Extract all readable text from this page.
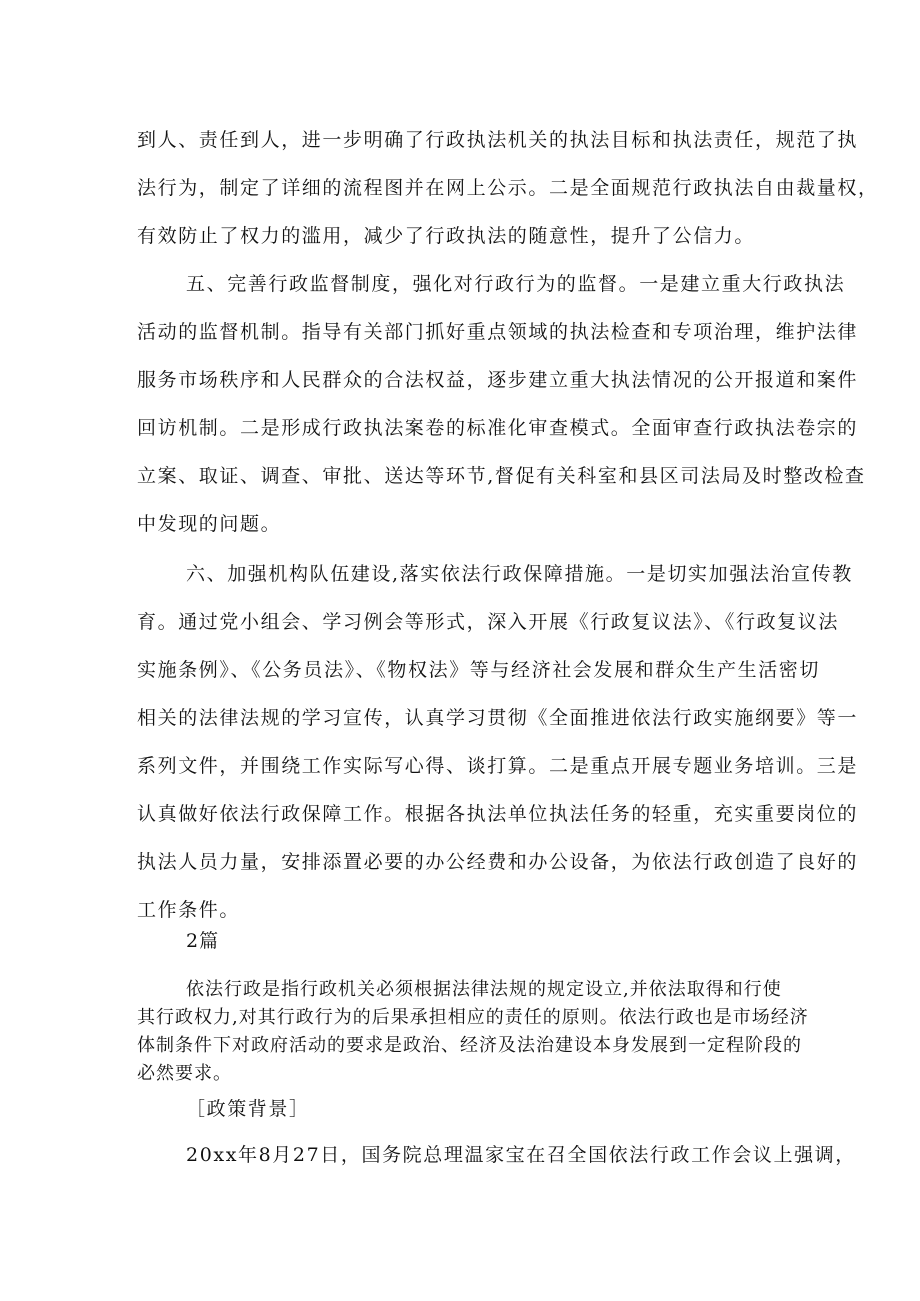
到人、责任到人，进一步明确了行政执法机关的执法目标和执法责任，规范了执

法行为，制定了详细的流程图并在网上公示。二是全面规范行政执法自由裁量权，

有效防止了权力的滥用，减少了行政执法的随意性，提升了公信力。

五、完善行政监督制度，强化对行政行为的监督。一是建立重大行政执法

活动的监督机制。指导有关部门抓好重点领域的执法检查和专项治理，维护法律

服务市场秩序和人民群众的合法权益，逐步建立重大执法情况的公开报道和案件

回访机制。二是形成行政执法案卷的标准化审查模式。全面审查行政执法卷宗的

立案、取证、调查、审批、送达等环节,督促有关科室和县区司法局及时整改检查

中发现的问题。

六、加强机构队伍建设,落实依法行政保障措施。一是切实加强法治宣传教

育。通过党小组会、学习例会等形式，深入开展《行政复议法》、《行政复议法

实施条例》、《公务员法》、《物权法》等与经济社会发展和群众生产生活密切

相关的法律法规的学习宣传，认真学习贯彻《全面推进依法行政实施纲要》等一

系列文件，并围绕工作实际写心得、谈打算。二是重点开展专题业务培训。三是

认真做好依法行政保障工作。根据各执法单位执法任务的轻重，充实重要岗位的

执法人员力量，安排添置必要的办公经费和办公设备，为依法行政创造了良好的

工作条件。

2篇

依法行政是指行政机关必须根据法律法规的规定设立,并依法取得和行使

其行政权力,对其行政行为的后果承担相应的责任的原则。依法行政也是市场经济

体制条件下对政府活动的要求是政治、经济及法治建设本身发展到一定程阶段的

必然要求。

［政策背景］

20xx年8月27日，国务院总理温家宝在召全国依法行政工作会议上强调，
